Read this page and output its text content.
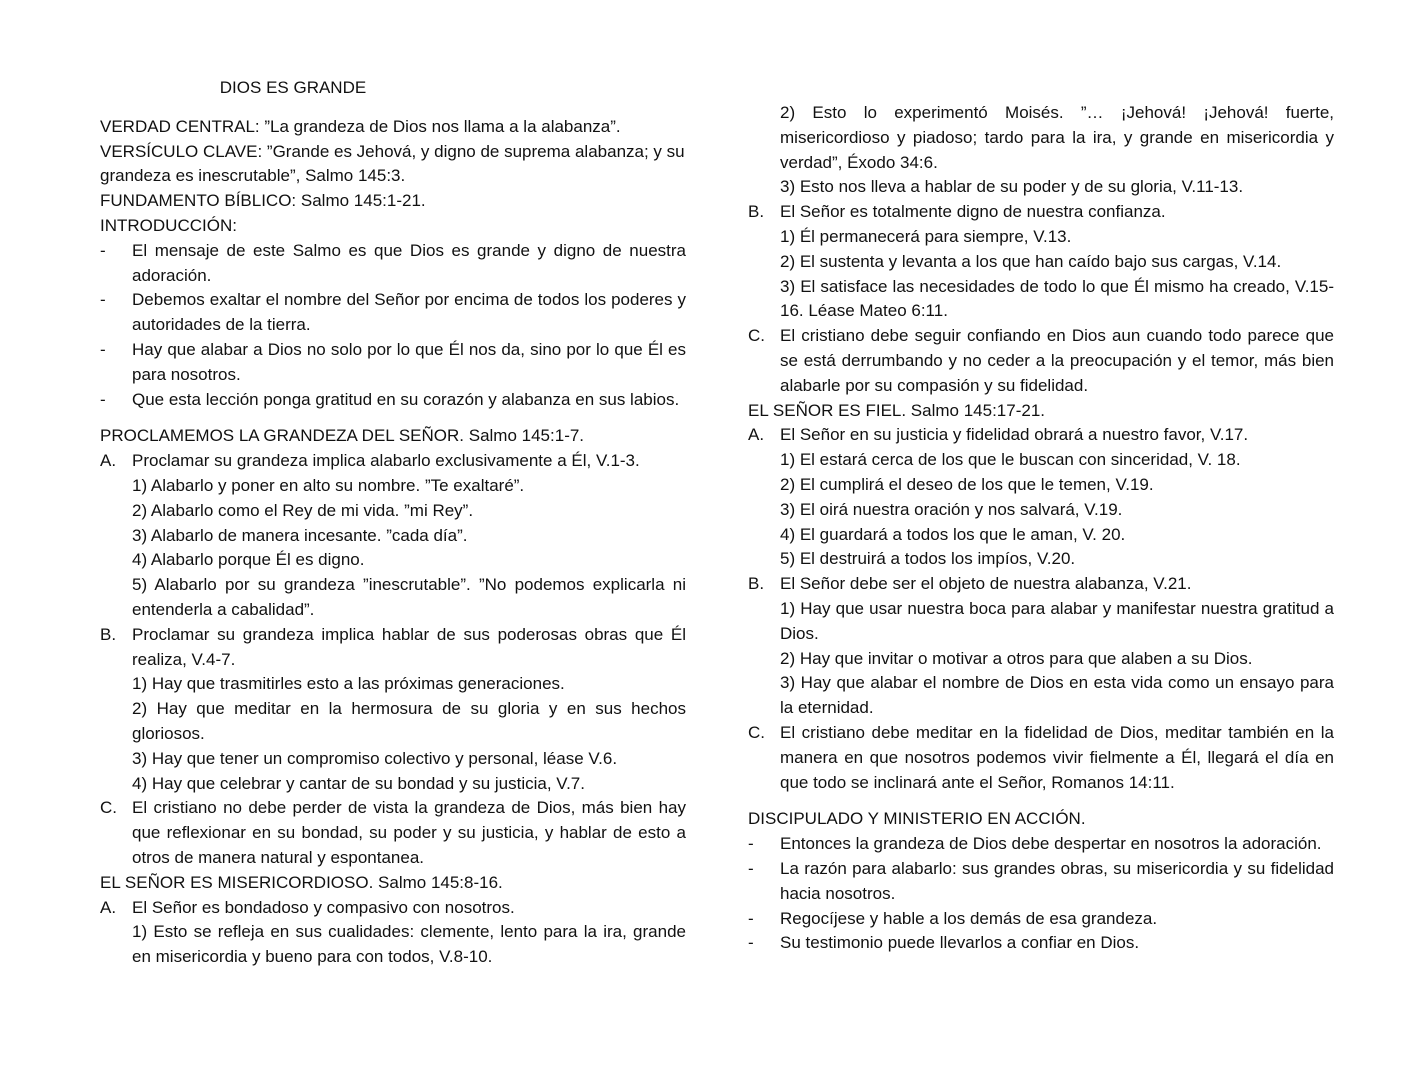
DIOS ES GRANDE

VERDAD CENTRAL: ”La grandeza de Dios nos llama a la alabanza”.

VERSÍCULO CLAVE: ”Grande es Jehová, y digno de suprema alabanza; y su grandeza es inescrutable”, Salmo 145:3.

FUNDAMENTO BÍBLICO: Salmo 145:1-21.

INTRODUCCIÓN:

-	El mensaje de este Salmo es que Dios es grande y digno de nuestra adoración.
-	Debemos exaltar el nombre del Señor por encima de todos los poderes y autoridades de la tierra.
-	Hay que alabar a Dios no solo por lo que Él nos da, sino por lo que Él es para nosotros.
-	Que esta lección ponga gratitud en su corazón y alabanza en sus labios.

PROCLAMEMOS LA GRANDEZA DEL SEÑOR. Salmo 145:1-7.

A. Proclamar su grandeza implica alabarlo exclusivamente a Él, V.1-3.

1) Alabarlo y poner en alto su nombre. ”Te exaltaré”.

2) Alabarlo como el Rey de mi vida. ”mi Rey”.

3) Alabarlo de manera incesante. ”cada día”.

4) Alabarlo porque Él es digno.

5) Alabarlo por su grandeza ”inescrutable”. ”No podemos explicarla ni entenderla a cabalidad”.

B. Proclamar su grandeza implica hablar de sus poderosas obras que Él realiza, V.4-7.

1) Hay que trasmitirles esto a las próximas generaciones.

2) Hay que meditar en la hermosura de su gloria y en sus hechos gloriosos.

3) Hay que tener un compromiso colectivo y personal, léase V.6.

4) Hay que celebrar y cantar de su bondad y su justicia, V.7.

C. El cristiano no debe perder de vista la grandeza de Dios, más bien hay que reflexionar en su bondad, su poder y su justicia, y hablar de esto a otros de manera natural y espontanea.

EL SEÑOR ES MISERICORDIOSO. Salmo 145:8-16.

A. El Señor es bondadoso y compasivo con nosotros.

1) Esto se refleja en sus cualidades: clemente, lento para la ira, grande en misericordia y bueno para con todos, V.8-10.

2) Esto lo experimentó Moisés. ”… ¡Jehová! ¡Jehová! fuerte, misericordioso y piadoso; tardo para la ira, y grande en misericordia y verdad”, Éxodo 34:6.

3) Esto nos lleva a hablar de su poder y de su gloria, V.11-13.

B. El Señor es totalmente digno de nuestra confianza.

1) Él permanecerá para siempre, V.13.

2) El sustenta y levanta a los que han caído bajo sus cargas, V.14.

3) El satisface las necesidades de todo lo que Él mismo ha creado, V.15-16. Léase Mateo 6:11.

C. El cristiano debe seguir confiando en Dios aun cuando todo parece que se está derrumbando y no ceder a la preocupación y el temor, más bien alabarle por su compasión y su fidelidad.

EL SEÑOR ES FIEL. Salmo 145:17-21.

A. El Señor en su justicia y fidelidad obrará a nuestro favor, V.17.

1) El estará cerca de los que le buscan con sinceridad, V. 18.

2) El cumplirá el deseo de los que le temen, V.19.

3) El oirá nuestra oración y nos salvará, V.19.

4) El guardará a todos los que le aman, V. 20.

5) El destruirá a todos los impíos, V.20.

B. El Señor debe ser el objeto de nuestra alabanza, V.21.

1) Hay que usar nuestra boca para alabar y manifestar nuestra gratitud a Dios.

2) Hay que invitar o motivar a otros para que alaben a su Dios.

3) Hay que alabar el nombre de Dios en esta vida como un ensayo para la eternidad.

C. El cristiano debe meditar en la fidelidad de Dios, meditar también en la manera en que nosotros podemos vivir fielmente a Él, llegará el día en que todo se inclinará ante el Señor, Romanos 14:11.

DISCIPULADO Y MINISTERIO EN ACCIÓN.

-	Entonces la grandeza de Dios debe despertar en nosotros la adoración.
-	La razón para alabarlo: sus grandes obras, su misericordia y su fidelidad hacia nosotros.
-	Regocíjese y hable a los demás de esa grandeza.
-	Su testimonio puede llevarlos a confiar en Dios.
